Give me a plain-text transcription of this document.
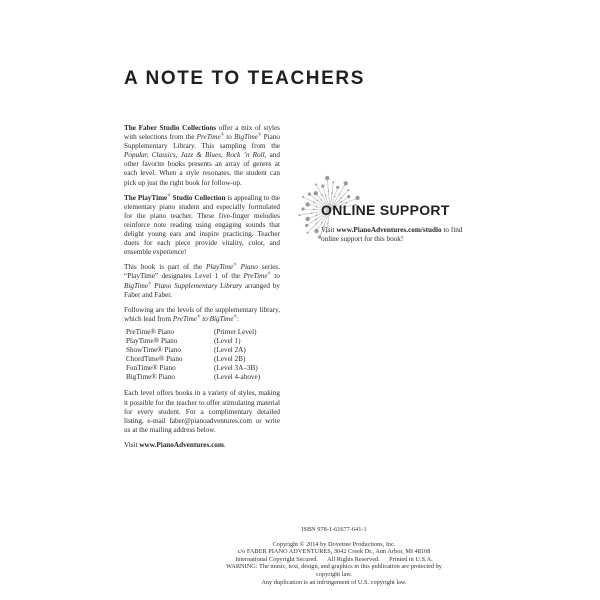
A NOTE TO TEACHERS

The Faber Studio Collections offer a mix of styles with selections from the PreTime® to BigTime® Piano Supplementary Library. This sampling from the Popular, Classics, Jazz & Blues, Rock ’n Roll, and other favorite books presents an array of genres at each level. When a style resonates, the student can pick up just the right book for follow-up.

The PlayTime® Studio Collection is appealing to the elementary piano student and especially formulated for the piano teacher. These five-finger melodies reinforce note reading using engaging sounds that delight young ears and inspire practicing. Teacher duets for each piece provide vitality, color, and ensemble experience!

This book is part of the PlayTime® Piano series. “PlayTime” designates Level 1 of the PreTime® to BigTime® Piano Supplementary Library arranged by Faber and Faber.

Following are the levels of the supplementary library, which lead from PreTime® to BigTime®:

PreTime® Piano	(Primer Level)
PlayTime® Piano	(Level 1)
ShowTime® Piano	(Level 2A)
ChordTime® Piano	(Level 2B)
FunTime® Piano	(Level 3A–3B)
BigTime® Piano	(Level 4-above)

Each level offers books in a variety of styles, making it possible for the teacher to offer stimulating material for every student. For a complimentary detailed listing, e-mail faber@pianoadventures.com or write us at the mailing address below.

Visit www.PianoAdventures.com.

ONLINE SUPPORT
Visit www.PianoAdventures.com/studio to find online support for this book!
ISBN 978-1-61677-641-1
Copyright © 2014 by Dovetree Productions, Inc.
c/o FABER PIANO ADVENTURES, 3042 Creek Dr., Ann Arbor, MI 48108
International Copyright Secured.      All Rights Reserved.      Printed in U.S.A.
WARNING: The music, text, design, and graphics in this publication are protected by copyright law.
Any duplication is an infringement of U.S. copyright law.
